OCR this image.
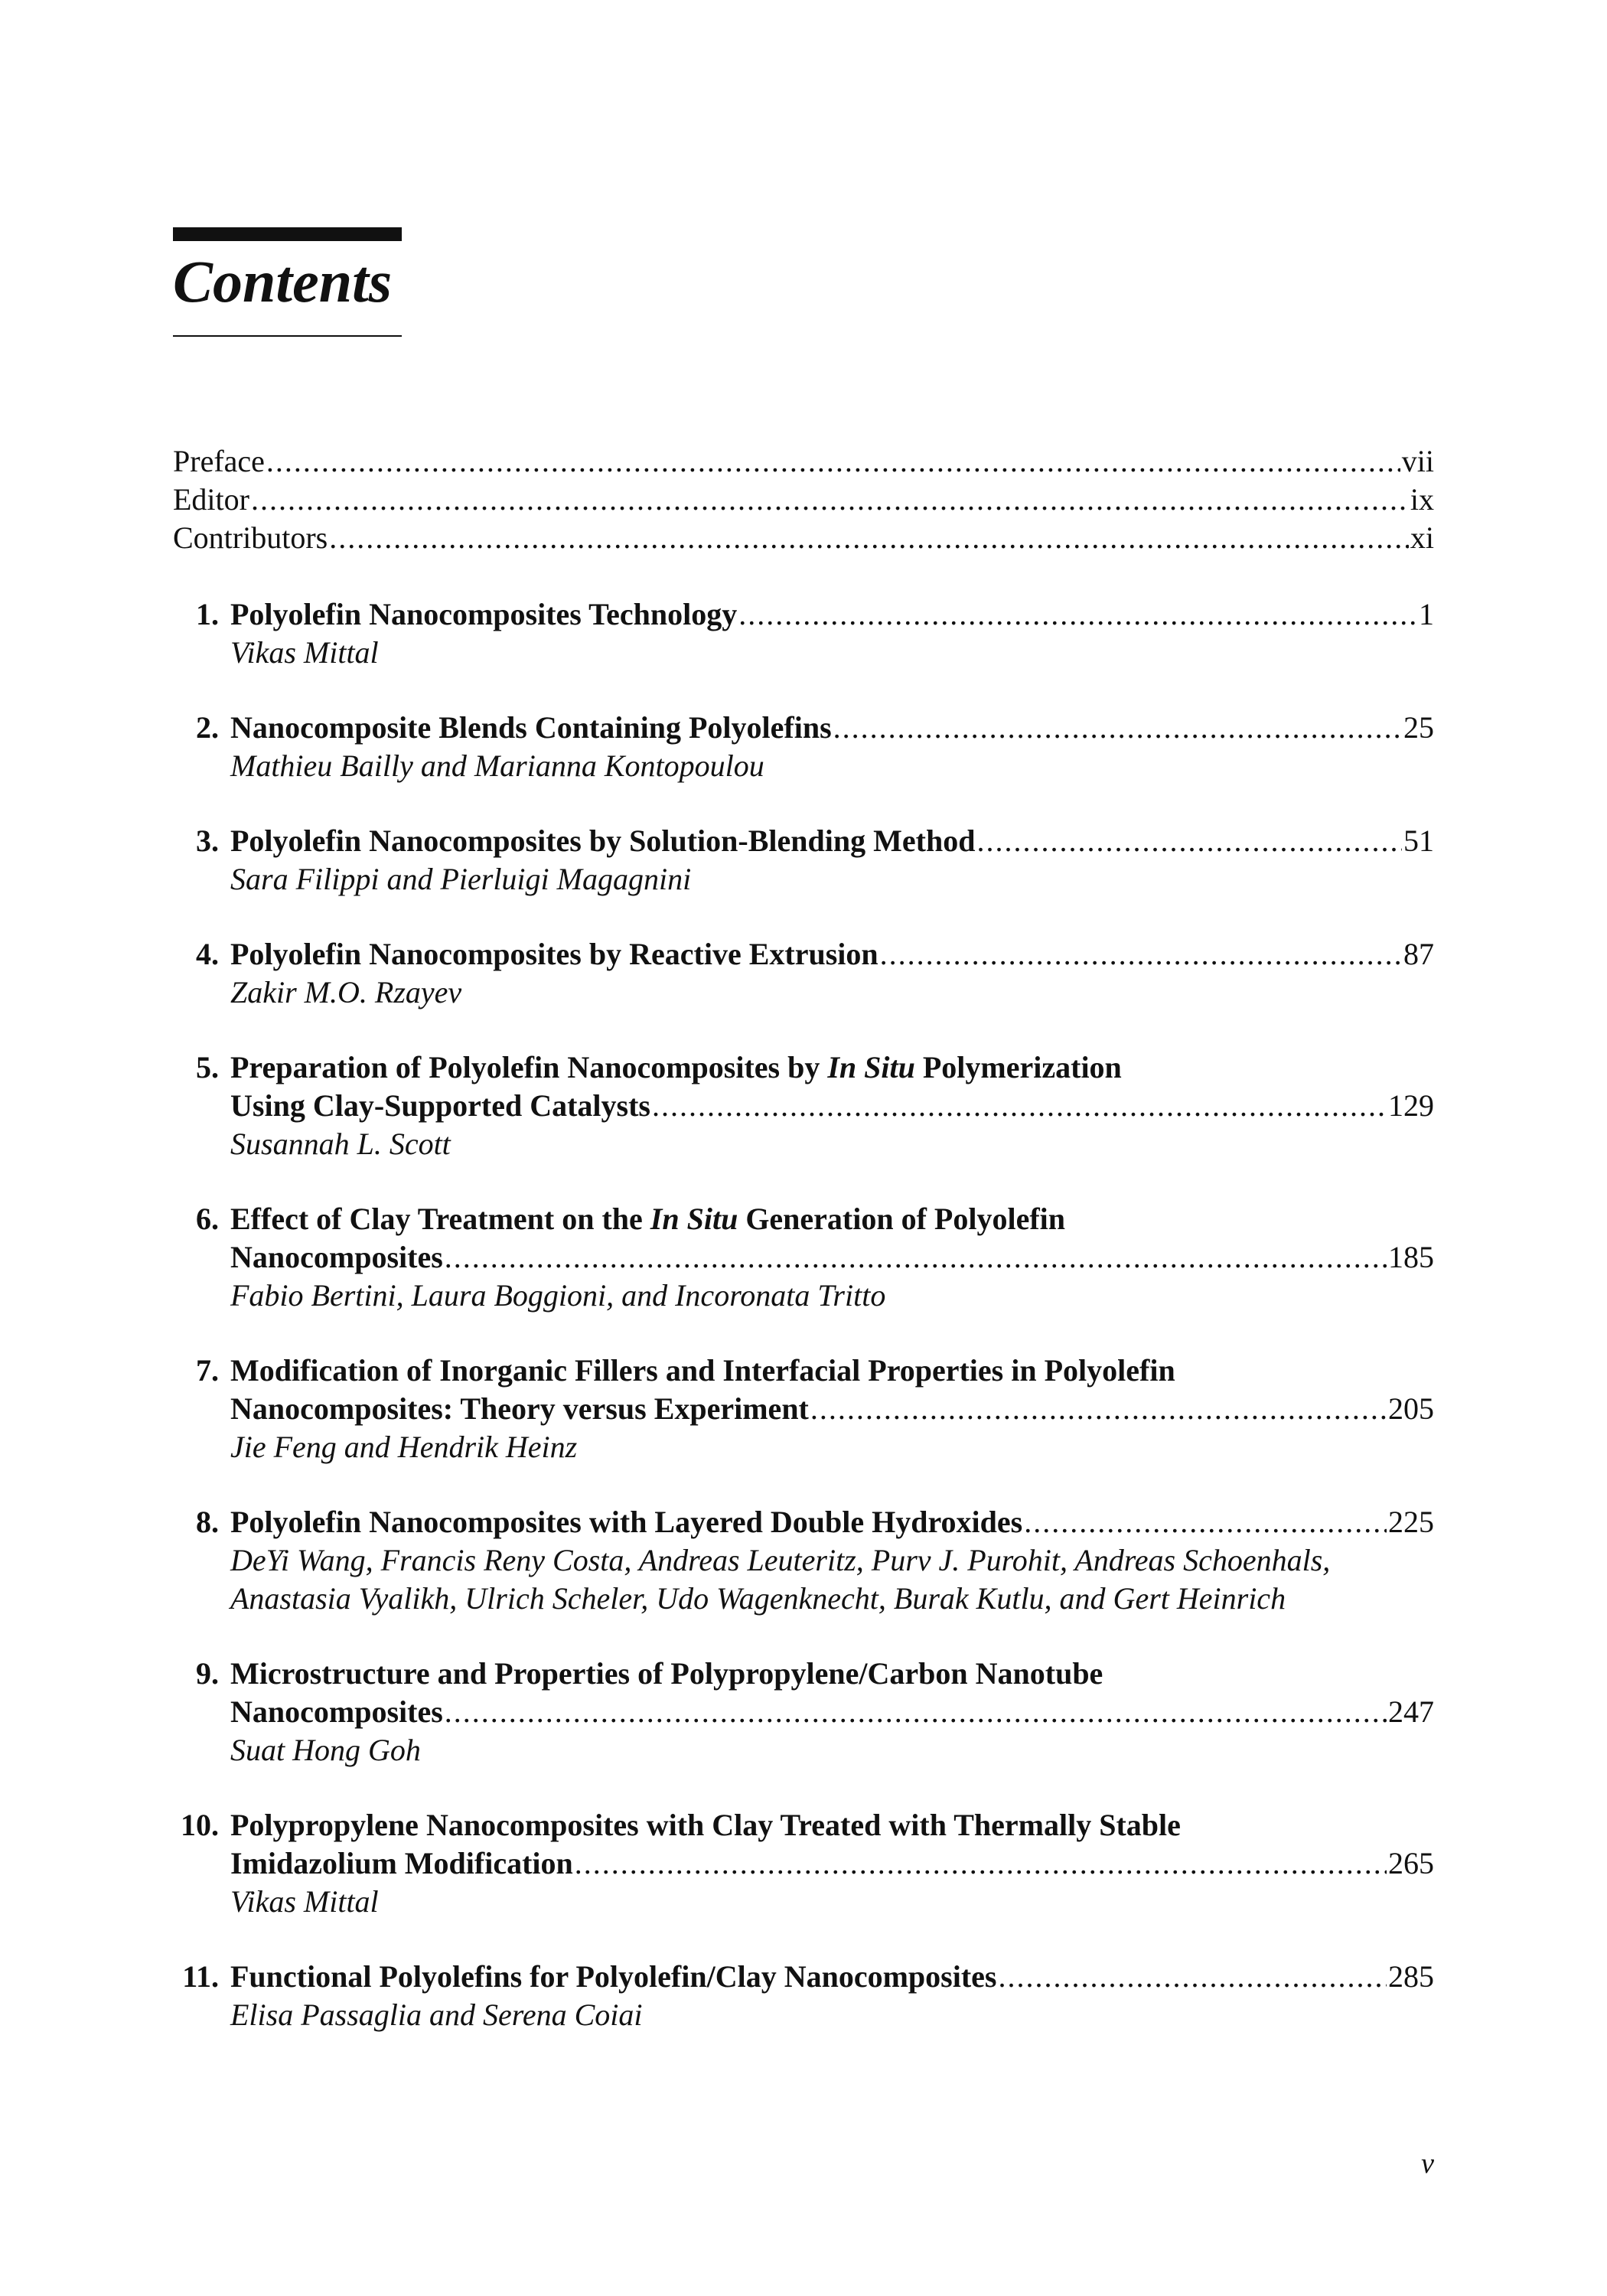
Contents
Preface . . .	vii
Editor . . .	ix
Contributors . . .	xi
1. Polyolefin Nanocomposites Technology . . .	1
Vikas Mittal
2. Nanocomposite Blends Containing Polyolefins . . .	25
Mathieu Bailly and Marianna Kontopoulou
3. Polyolefin Nanocomposites by Solution-Blending Method . . .	51
Sara Filippi and Pierluigi Magagnini
4. Polyolefin Nanocomposites by Reactive Extrusion . . .	87
Zakir M.O. Rzayev
5. Preparation of Polyolefin Nanocomposites by In Situ Polymerization
Using Clay-Supported Catalysts . . .	129
Susannah L. Scott
6. Effect of Clay Treatment on the In Situ Generation of Polyolefin
Nanocomposites . . .	185
Fabio Bertini, Laura Boggioni, and Incoronata Tritto
7. Modification of Inorganic Fillers and Interfacial Properties in Polyolefin
Nanocomposites: Theory versus Experiment . . .	205
Jie Feng and Hendrik Heinz
8. Polyolefin Nanocomposites with Layered Double Hydroxides . . .	225
DeYi Wang, Francis Reny Costa, Andreas Leuteritz, Purv J. Purohit, Andreas Schoenhals,
Anastasia Vyalikh, Ulrich Scheler, Udo Wagenknecht, Burak Kutlu, and Gert Heinrich
9. Microstructure and Properties of Polypropylene/Carbon Nanotube
Nanocomposites . . .	247
Suat Hong Goh
10. Polypropylene Nanocomposites with Clay Treated with Thermally Stable
Imidazolium Modification . . .	265
Vikas Mittal
11. Functional Polyolefins for Polyolefin/Clay Nanocomposites . . .	285
Elisa Passaglia and Serena Coiai
v
